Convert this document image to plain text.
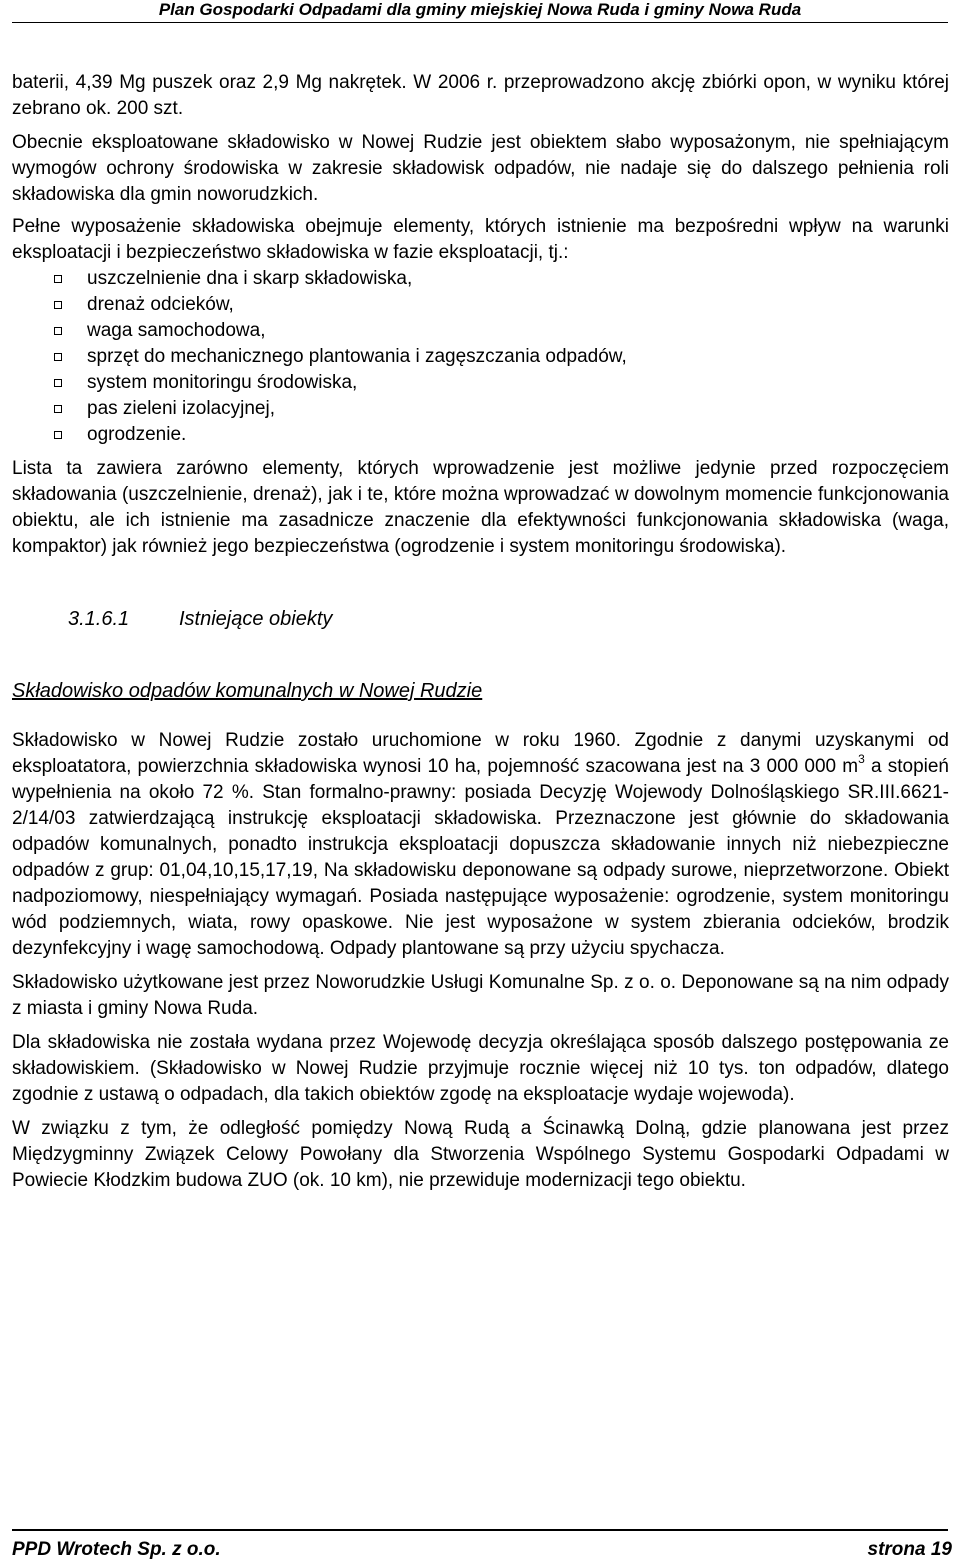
Plan Gospodarki Odpadami dla gminy miejskiej Nowa Ruda i gminy Nowa Ruda

baterii, 4,39 Mg puszek oraz 2,9 Mg nakrętek. W 2006 r. przeprowadzono akcję zbiórki opon, w wyniku której zebrano ok. 200 szt.

Obecnie eksploatowane składowisko w Nowej Rudzie jest obiektem słabo wyposażonym, nie spełniającym wymogów ochrony środowiska w zakresie składowisk odpadów, nie nadaje się do dalszego pełnienia roli składowiska dla gmin noworudzkich.

Pełne wyposażenie składowiska obejmuje elementy, których istnienie ma bezpośredni wpływ na warunki eksploatacji i bezpieczeństwo składowiska w fazie eksploatacji, tj.:

uszczelnienie dna i skarp składowiska,
drenaż odcieków,
waga samochodowa,
sprzęt do mechanicznego plantowania i zagęszczania odpadów,
system monitoringu środowiska,
pas zieleni izolacyjnej,
ogrodzenie.

Lista ta zawiera zarówno elementy, których wprowadzenie jest możliwe jedynie przed rozpoczęciem składowania (uszczelnienie, drenaż), jak i te, które można wprowadzać w dowolnym momencie funkcjonowania obiektu, ale ich istnienie ma zasadnicze znaczenie dla efektywności funkcjonowania składowiska (waga, kompaktor) jak również jego bezpieczeństwa (ogrodzenie i system monitoringu środowiska).

3.1.6.1 Istniejące obiekty
Składowisko odpadów komunalnych w Nowej Rudzie

Składowisko w Nowej Rudzie zostało uruchomione w roku 1960. Zgodnie z danymi uzyskanymi od eksploatatora, powierzchnia składowiska wynosi 10 ha, pojemność szacowana jest na 3 000 000 $m^3$ a stopień wypełnienia na około 72 %. Stan formalno-prawny: posiada Decyzję Wojewody Dolnośląskiego SR.III.6621-2/14/03 zatwierdzającą instrukcję eksploatacji składowiska. Przeznaczone jest głównie do składowania odpadów komunalnych, ponadto instrukcja eksploatacji dopuszcza składowanie innych niż niebezpieczne odpadów z grup: 01,04,10,15,17,19, Na składowisku deponowane są odpady surowe, nieprzetworzone. Obiekt nadpoziomowy, niespełniający wymagań. Posiada następujące wyposażenie: ogrodzenie, system monitoringu wód podziemnych, wiata, rowy opaskowe. Nie jest wyposażone w system zbierania odcieków, brodzik dezynfekcyjny i wagę samochodową. Odpady plantowane są przy użyciu spychacza.

Składowisko użytkowane jest przez Noworudzkie Usługi Komunalne Sp. z o. o. Deponowane są na nim odpady z miasta i gminy Nowa Ruda.

Dla składowiska nie została wydana przez Wojewodę decyzja określająca sposób dalszego postępowania ze składowiskiem. (Składowisko w Nowej Rudzie przyjmuje rocznie więcej niż 10 tys. ton odpadów, dlatego zgodnie z ustawą o odpadach, dla takich obiektów zgodę na eksploatacje wydaje wojewoda).

W związku z tym, że odległość pomiędzy Nową Rudą a Ścinawką Dolną, gdzie planowana jest przez Międzygminny Związek Celowy Powołany dla Stworzenia Wspólnego Systemu Gospodarki Odpadami w Powiecie Kłodzkim budowa ZUO (ok. 10 km), nie przewiduje modernizacji tego obiektu.

PPD Wrotech Sp. z o.o.	strona 19
